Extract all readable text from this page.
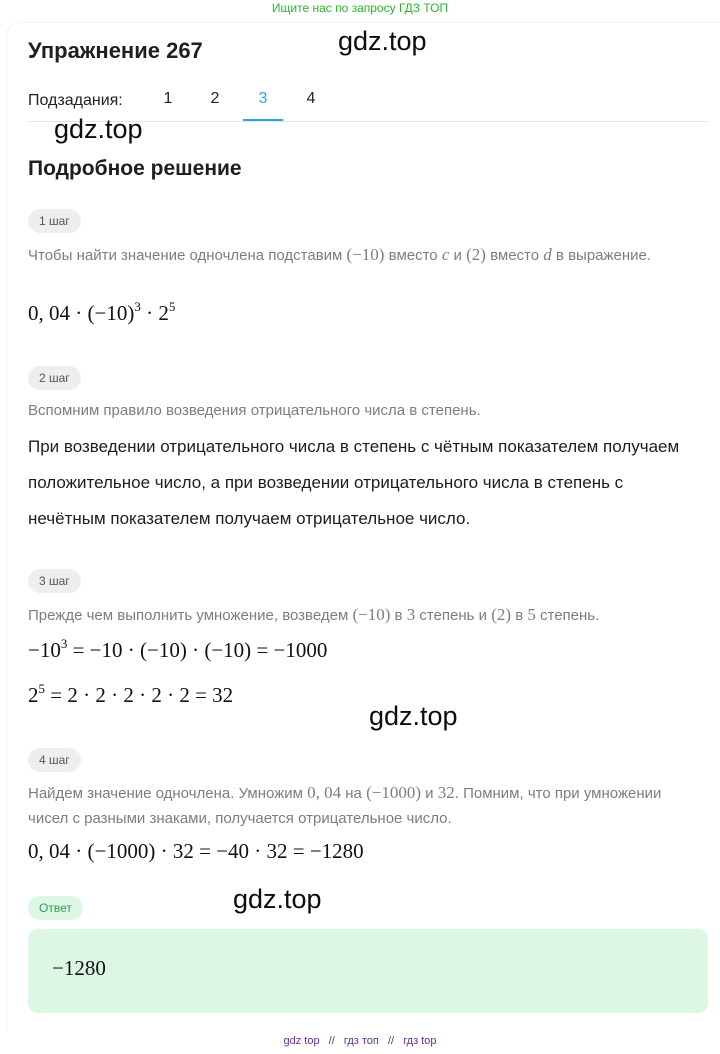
Ищите нас по запросу ГДЗ ТОП
Упражнение 267	gdz.top
Подзадания:	1	2	3	4
gdz.top
Подробное решение
1 шаг
Чтобы найти значение одночлена подставим (−10) вместо c и (2) вместо d в выражение.
0, $04 \cdot (-10)^3 \cdot 2^5$
2 шаг
Вспомним правило возведения отрицательного числа в степень.
При возведении отрицательного числа в степень с чётным показателем получаем положительное число, а при возведении отрицательного числа в степень с нечётным показателем получаем отрицательное число.
3 шаг
Прежде чем выполнить умножение, возведем (−10) в 3 степень и (2) в 5 степень.
$-10^3 = -10 \cdot (-10) \cdot (-10) = -1000$
$2^5 = 2 \cdot 2 \cdot 2 \cdot 2 \cdot 2 = 32$
gdz.top
4 шаг
Найдем значение одночлена. Умножим 0, 04 на (−1000) и 32. Помним, что при умножении чисел с разными знаками, получается отрицательное число.
0, 04 · (−1000) · 32 = −40 · 32 = −1280
gdz.top
Ответ
−1280
gdz top // гдз топ // гдз top
